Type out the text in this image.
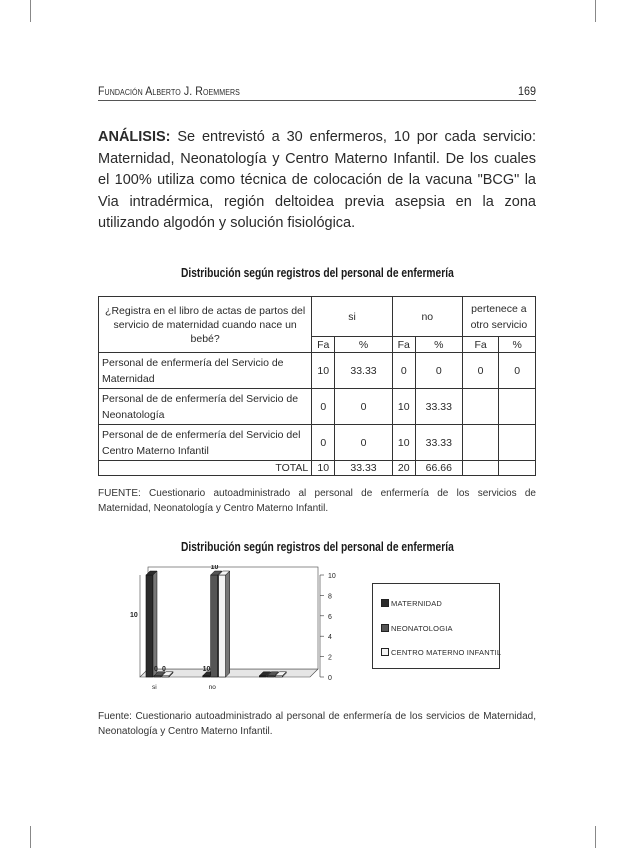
Fundación Alberto J. Roemmers	169
ANÁLISIS: Se entrevistó a 30 enfermeros, 10 por cada servicio: Maternidad, Neonatología y Centro Materno Infantil. De los cuales el 100% utiliza como técnica de colocación de la vacuna "BCG" la Via intradérmica, región deltoidea previa asepsia en la zona utilizando algodón y solución fisiológica.
Distribución según registros del personal de enfermería
¿Registra en el libro de actas de partos del servicio de maternidad cuando nace un bebé?	si		no		pertenece a otro servicio	
	Fa	%	Fa	%	Fa	%
Personal de enfermería del Servicio de Maternidad	10	33.33	0	0	0	0
Personal de de enfermería del Servicio de Neonatología	0	0	10	33.33		
Personal de de enfermería del Servicio del Centro Materno Infantil	0	0	10	33.33		
TOTAL	10	33.33	20	66.66		
FUENTE: Cuestionario autoadministrado al personal de enfermería de los servicios de Maternidad, Neonatología y Centro Materno Infantil.
Distribución según registros del personal de enfermería
0
2
4
6
8
10
10
0 0	10
10
si	no
MATERNIDAD
NEONATOLOGIA
CENTRO MATERNO INFANTIL
Fuente: Cuestionario autoadministrado al personal de enfermería de los servicios de Maternidad, Neonatología y Centro Materno Infantil.
